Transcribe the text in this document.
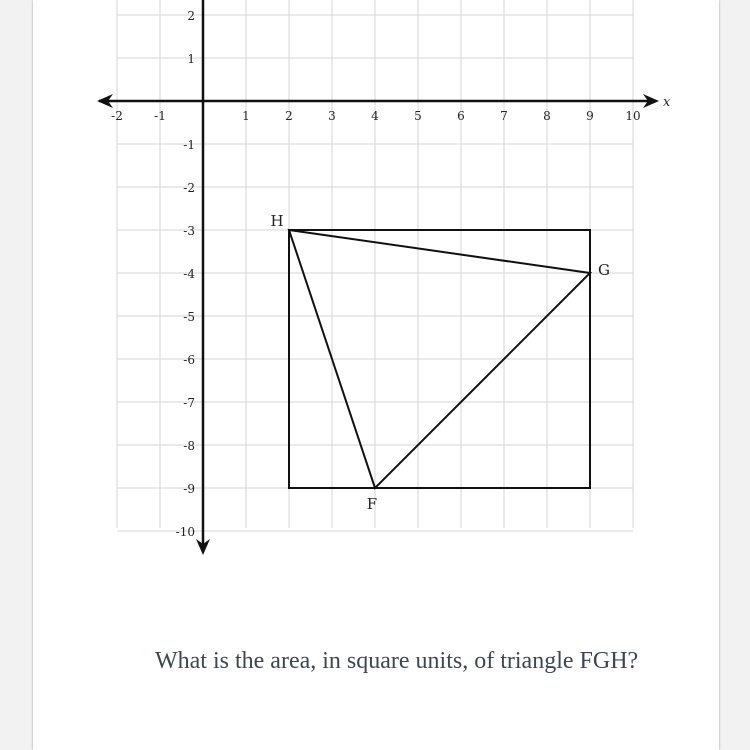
What is the area, in square units, of triangle FGH?

x
-2	-1	1	2	3	4	5	6	7	8	9	10
2
1
-1
-2
-3
-4
-5
-6
-7
-8
-9
-10
H
G
F
